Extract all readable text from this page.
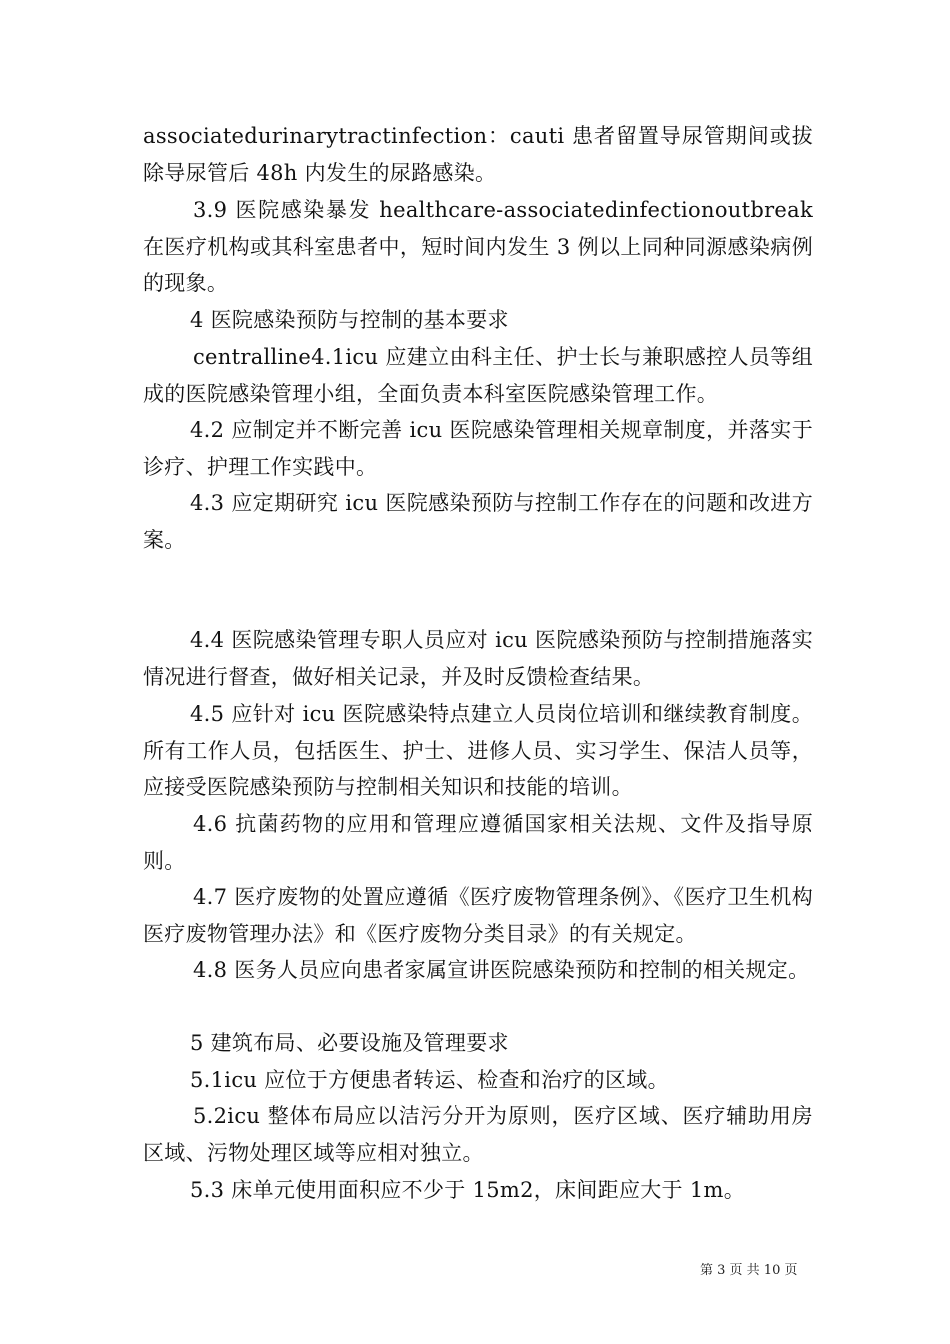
associatedurinarytractinfection：cauti 患者留置导尿管期间或拔除导尿管后 48h 内发生的尿路感染。

3.9 医院感染暴发 healthcare-associatedinfectionoutbreak 在医疗机构或其科室患者中，短时间内发生 3 例以上同种同源感染病例的现象。

4 医院感染预防与控制的基本要求

centralline4.1icu 应建立由科主任、护士长与兼职感控人员等组成的医院感染管理小组，全面负责本科室医院感染管理工作。

4.2 应制定并不断完善 icu 医院感染管理相关规章制度，并落实于诊疗、护理工作实践中。

4.3 应定期研究 icu 医院感染预防与控制工作存在的问题和改进方案。

4.4 医院感染管理专职人员应对 icu 医院感染预防与控制措施落实情况进行督查，做好相关记录，并及时反馈检查结果。

4.5 应针对 icu 医院感染特点建立人员岗位培训和继续教育制度。所有工作人员，包括医生、护士、进修人员、实习学生、保洁人员等，应接受医院感染预防与控制相关知识和技能的培训。

4.6 抗菌药物的应用和管理应遵循国家相关法规、文件及指导原则。

4.7 医疗废物的处置应遵循《医疗废物管理条例》、《医疗卫生机构医疗废物管理办法》和《医疗废物分类目录》的有关规定。

4.8 医务人员应向患者家属宣讲医院感染预防和控制的相关规定。

5 建筑布局、必要设施及管理要求

5.1icu 应位于方便患者转运、检查和治疗的区域。

5.2icu 整体布局应以洁污分开为原则，医疗区域、医疗辅助用房区域、污物处理区域等应相对独立。

5.3 床单元使用面积应不少于 15m2，床间距应大于 1m。

第 3 页 共 10 页
